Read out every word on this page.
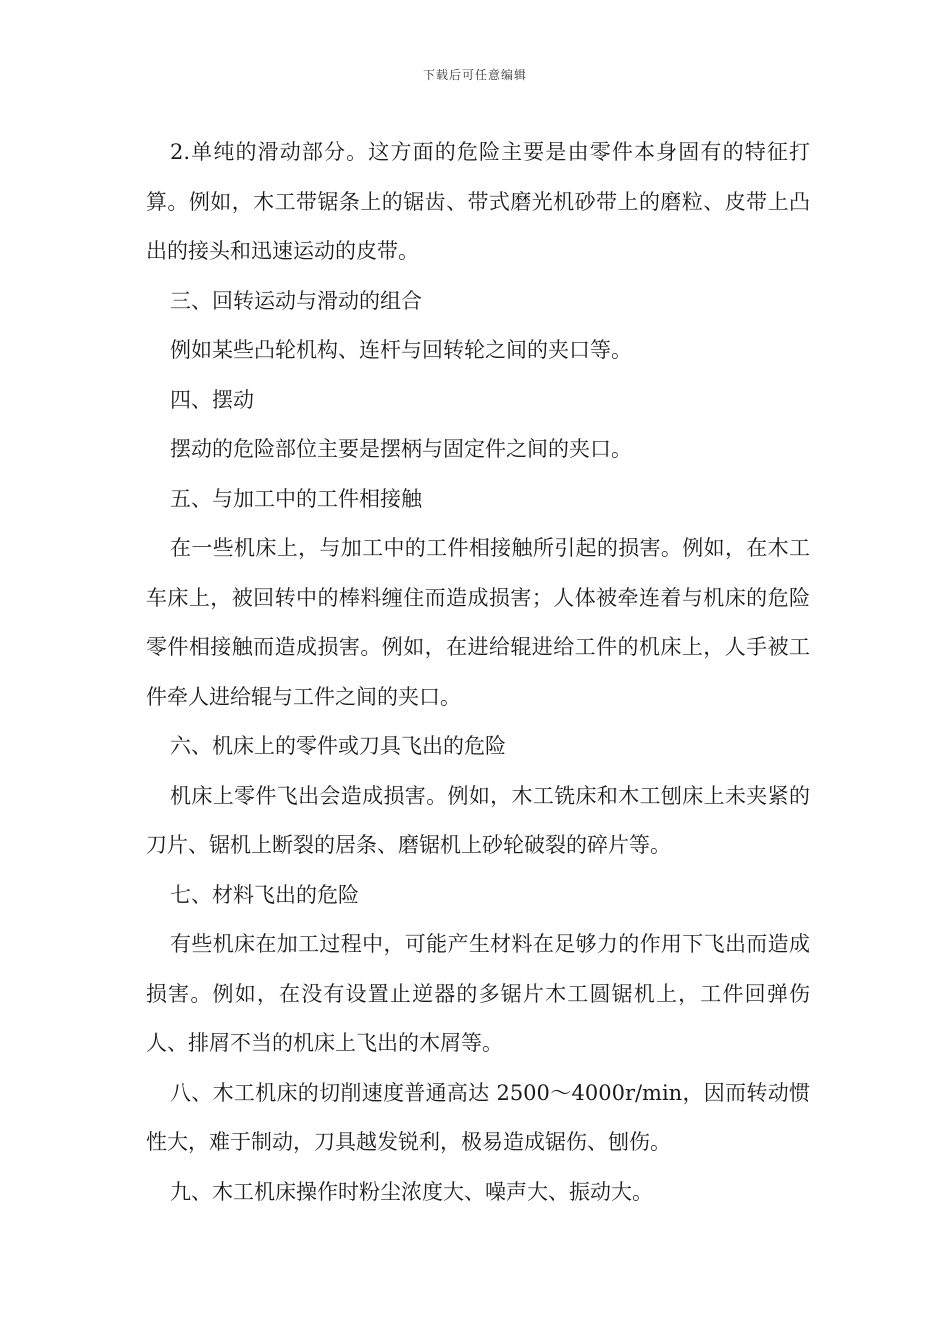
下载后可任意编辑

2.单纯的滑动部分。这方面的危险主要是由零件本身固有的特征打算。例如，木工带锯条上的锯齿、带式磨光机砂带上的磨粒、皮带上凸出的接头和迅速运动的皮带。

三、回转运动与滑动的组合

例如某些凸轮机构、连杆与回转轮之间的夹口等。

四、摆动

摆动的危险部位主要是摆柄与固定件之间的夹口。

五、与加工中的工件相接触

在一些机床上，与加工中的工件相接触所引起的损害。例如，在木工车床上，被回转中的棒料缠住而造成损害；人体被牵连着与机床的危险零件相接触而造成损害。例如，在进给辊进给工件的机床上，人手被工件牵人进给辊与工件之间的夹口。

六、机床上的零件或刀具飞出的危险

机床上零件飞出会造成损害。例如，木工铣床和木工刨床上未夹紧的刀片、锯机上断裂的居条、磨锯机上砂轮破裂的碎片等。

七、材料飞出的危险

有些机床在加工过程中，可能产生材料在足够力的作用下飞出而造成损害。例如，在没有设置止逆器的多锯片木工圆锯机上，工件回弹伤人、排屑不当的机床上飞出的木屑等。

八、木工机床的切削速度普通高达 2500～4000r/min，因而转动惯性大，难于制动，刀具越发锐利，极易造成锯伤、刨伤。

九、木工机床操作时粉尘浓度大、噪声大、振动大。
